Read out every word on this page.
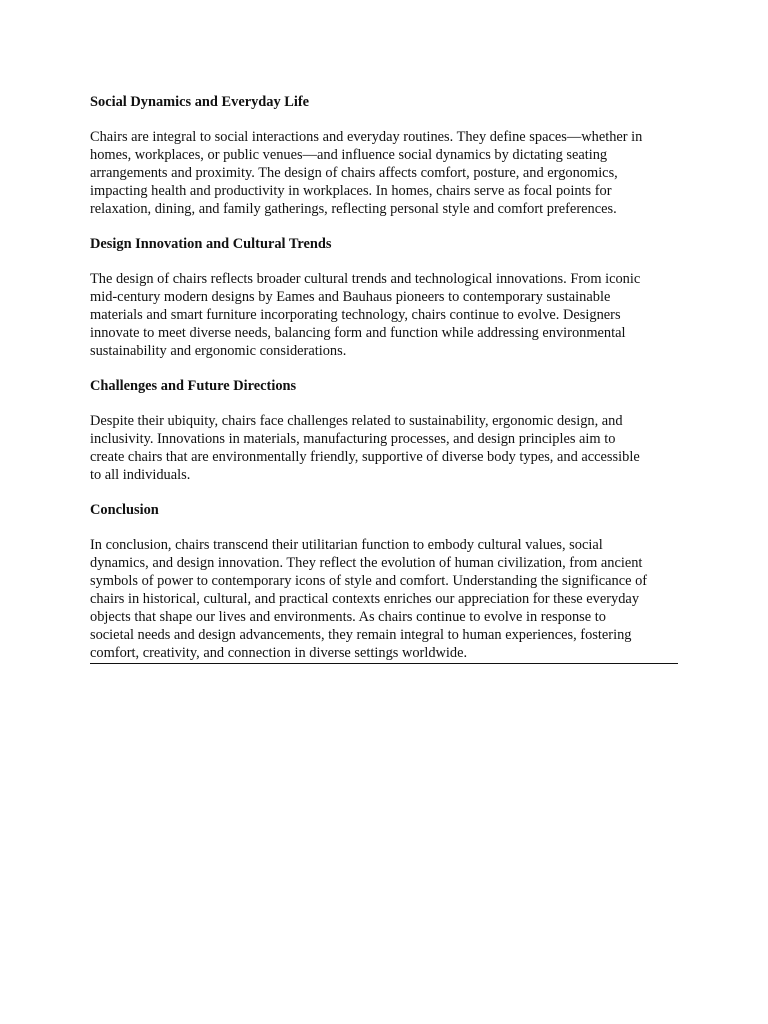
Social Dynamics and Everyday Life
Chairs are integral to social interactions and everyday routines. They define spaces—whether in
homes, workplaces, or public venues—and influence social dynamics by dictating seating
arrangements and proximity. The design of chairs affects comfort, posture, and ergonomics,
impacting health and productivity in workplaces. In homes, chairs serve as focal points for
relaxation, dining, and family gatherings, reflecting personal style and comfort preferences.
Design Innovation and Cultural Trends
The design of chairs reflects broader cultural trends and technological innovations. From iconic
mid-century modern designs by Eames and Bauhaus pioneers to contemporary sustainable
materials and smart furniture incorporating technology, chairs continue to evolve. Designers
innovate to meet diverse needs, balancing form and function while addressing environmental
sustainability and ergonomic considerations.
Challenges and Future Directions
Despite their ubiquity, chairs face challenges related to sustainability, ergonomic design, and
inclusivity. Innovations in materials, manufacturing processes, and design principles aim to
create chairs that are environmentally friendly, supportive of diverse body types, and accessible
to all individuals.
Conclusion
In conclusion, chairs transcend their utilitarian function to embody cultural values, social
dynamics, and design innovation. They reflect the evolution of human civilization, from ancient
symbols of power to contemporary icons of style and comfort. Understanding the significance of
chairs in historical, cultural, and practical contexts enriches our appreciation for these everyday
objects that shape our lives and environments. As chairs continue to evolve in response to
societal needs and design advancements, they remain integral to human experiences, fostering
comfort, creativity, and connection in diverse settings worldwide.
